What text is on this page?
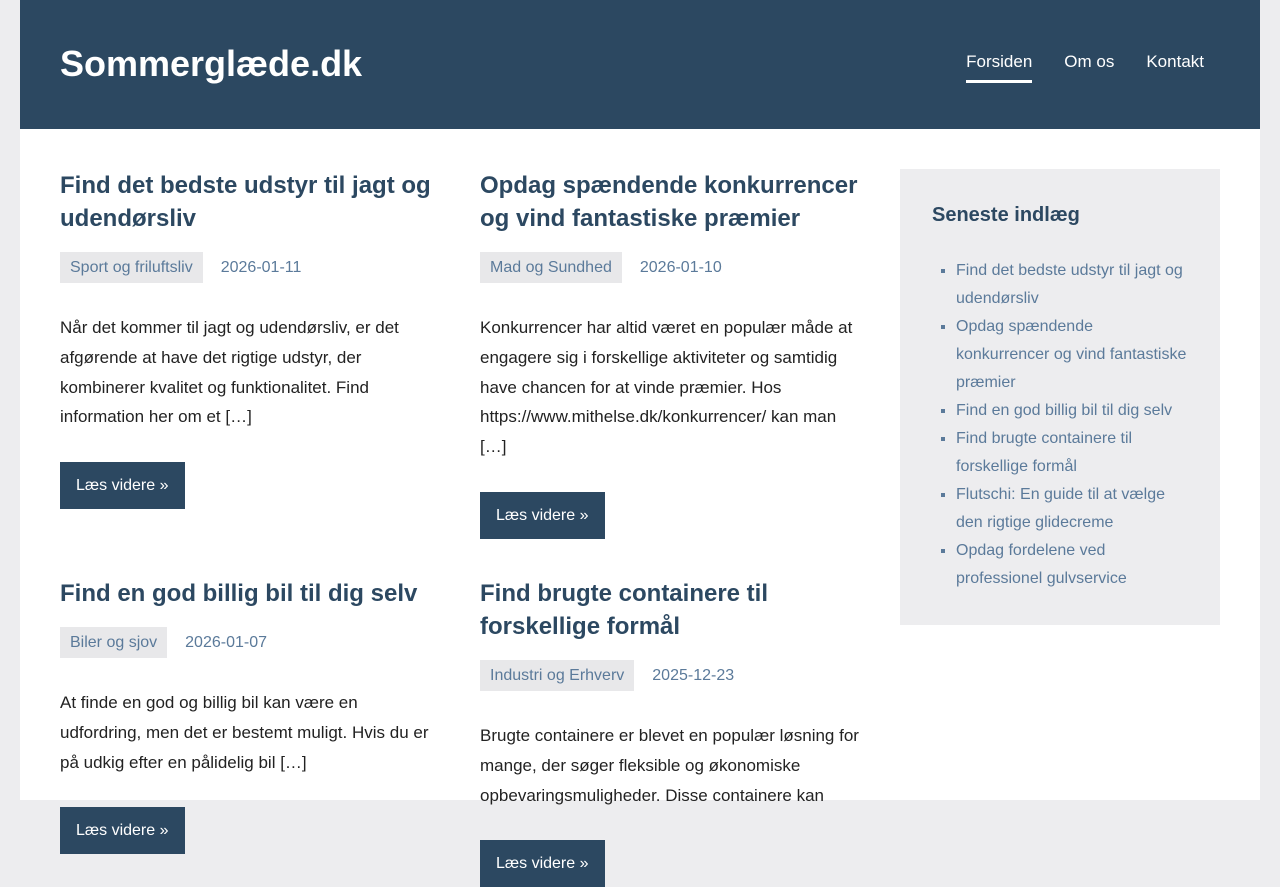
Sommerglæde.dk	Forsiden Om os Kontakt
Find det bedste udstyr til jagt og udendørsliv
Sport og friluftsliv	2026-01-11

Når det kommer til jagt og udendørsliv, er det afgørende at have det rigtige udstyr, der kombinerer kvalitet og funktionalitet. Find information her om et […]

Læs videre »
Opdag spændende konkurrencer og vind fantastiske præmier
Mad og Sundhed	2026-01-10

Konkurrencer har altid været en populær måde at engagere sig i forskellige aktiviteter og samtidig have chancen for at vinde præmier. Hos https://www.mithelse.dk/konkurrencer/ kan man […]

Læs videre »
Find en god billig bil til dig selv
Biler og sjov	2026-01-07

At finde en god og billig bil kan være en udfordring, men det er bestemt muligt. Hvis du er på udkig efter en pålidelig bil […]

Læs videre »
Find brugte containere til forskellige formål
Industri og Erhverv	2025-12-23

Brugte containere er blevet en populær løsning for mange, der søger fleksible og økonomiske opbevaringsmuligheder. Disse containere kan

Læs videre »
Seneste indlæg
▪ Find det bedste udstyr til jagt og udendørsliv
▪ Opdag spændende konkurrencer og vind fantastiske præmier
▪ Find en god billig bil til dig selv
▪ Find brugte containere til forskellige formål
▪ Flutschi: En guide til at vælge den rigtige glidecreme
▪ Opdag fordelene ved professionel gulvservice
